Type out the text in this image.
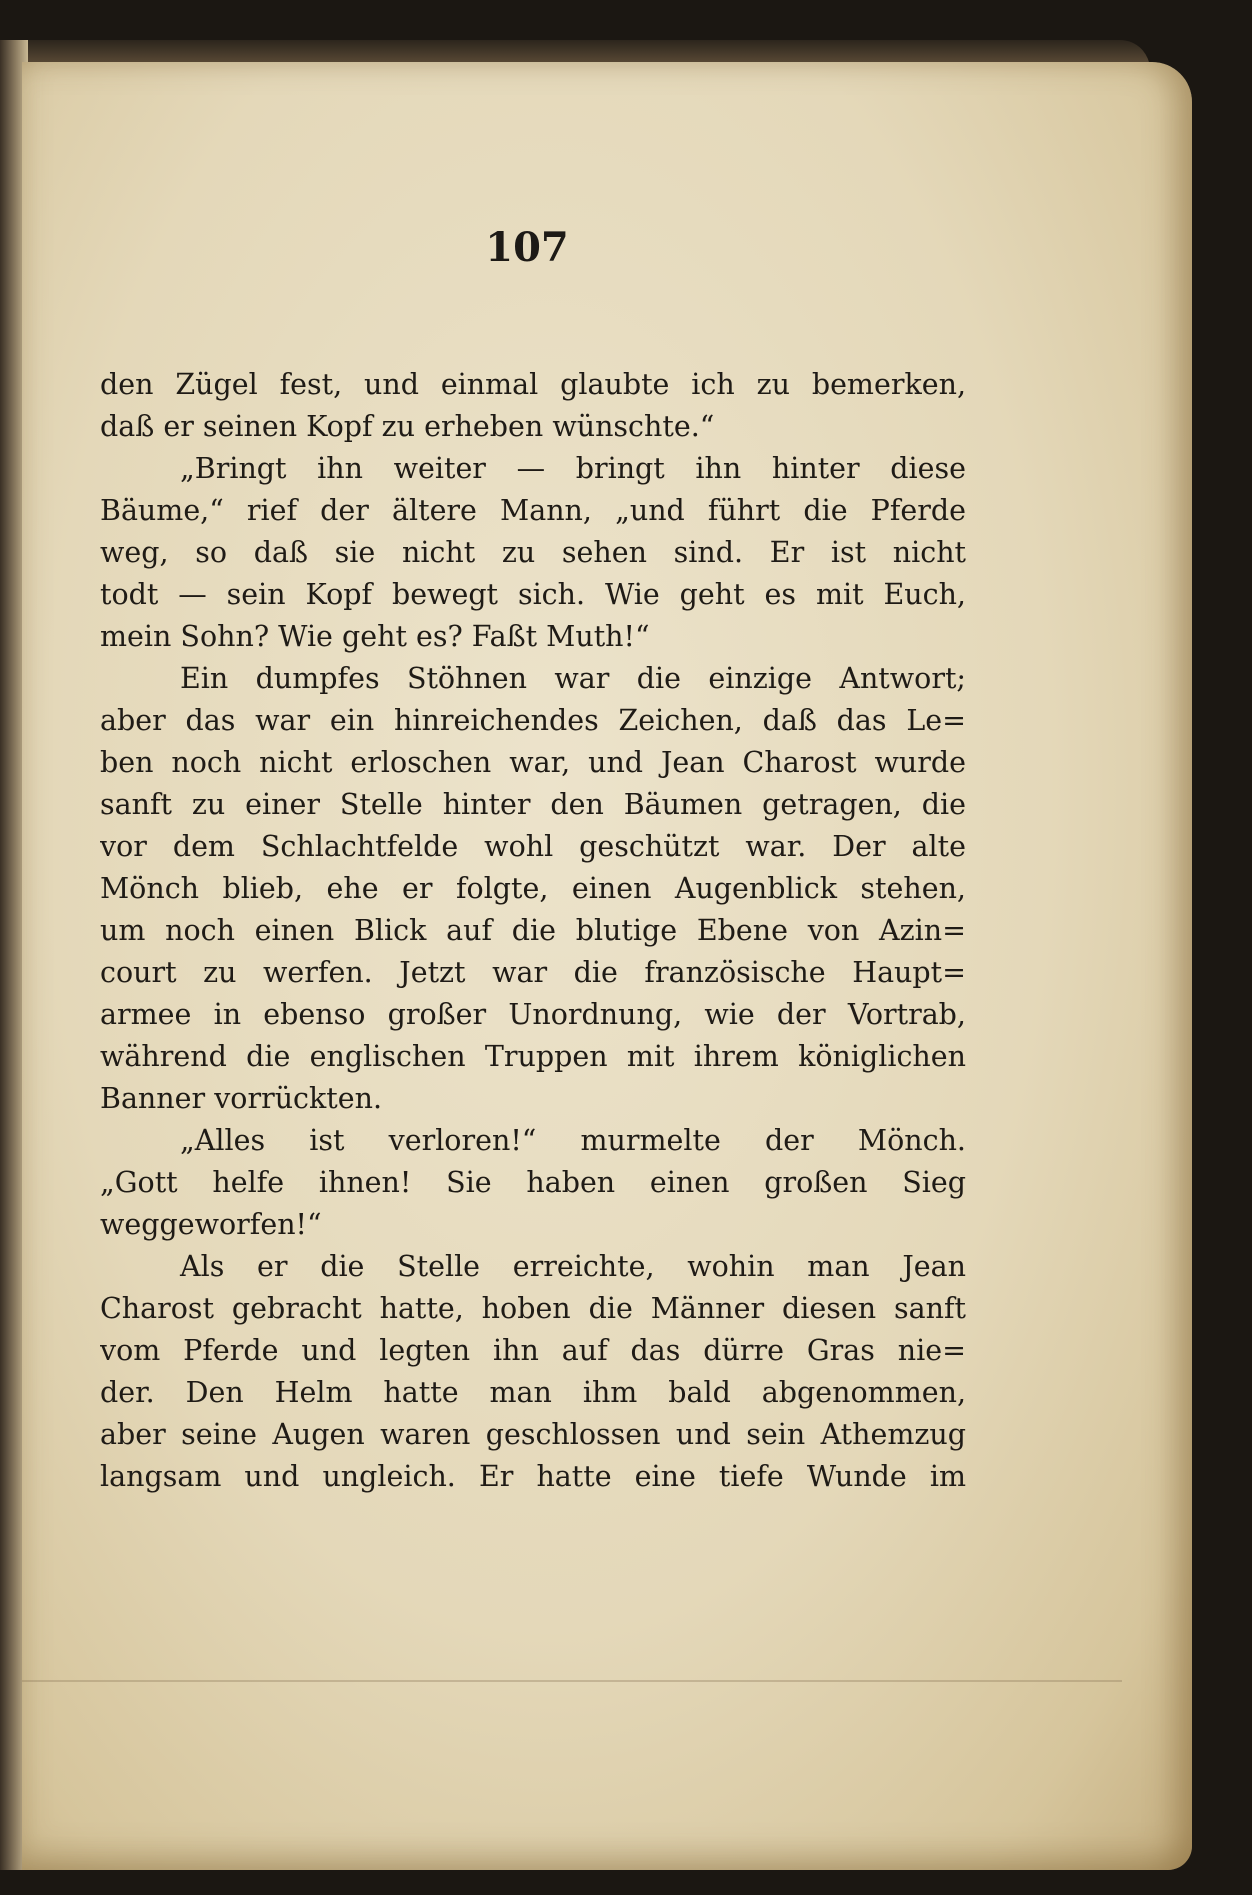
107
den Zügel fest, und einmal glaubte ich zu bemerken,
daß er seinen Kopf zu erheben wünschte.“
„Bringt ihn weiter — bringt ihn hinter diese
Bäume,“ rief der ältere Mann, „und führt die Pferde
weg, so daß sie nicht zu sehen sind. Er ist nicht
todt — sein Kopf bewegt sich. Wie geht es mit Euch,
mein Sohn? Wie geht es? Faßt Muth!“
Ein dumpfes Stöhnen war die einzige Antwort;
aber das war ein hinreichendes Zeichen, daß das Le=
ben noch nicht erloschen war, und Jean Charost wurde
sanft zu einer Stelle hinter den Bäumen getragen, die
vor dem Schlachtfelde wohl geschützt war. Der alte
Mönch blieb, ehe er folgte, einen Augenblick stehen,
um noch einen Blick auf die blutige Ebene von Azin=
court zu werfen. Jetzt war die französische Haupt=
armee in ebenso großer Unordnung, wie der Vortrab,
während die englischen Truppen mit ihrem königlichen
Banner vorrückten.
„Alles ist verloren!“ murmelte der Mönch.
„Gott helfe ihnen! Sie haben einen großen Sieg
weggeworfen!“
Als er die Stelle erreichte, wohin man Jean
Charost gebracht hatte, hoben die Männer diesen sanft
vom Pferde und legten ihn auf das dürre Gras nie=
der. Den Helm hatte man ihm bald abgenommen,
aber seine Augen waren geschlossen und sein Athemzug
langsam und ungleich. Er hatte eine tiefe Wunde im
